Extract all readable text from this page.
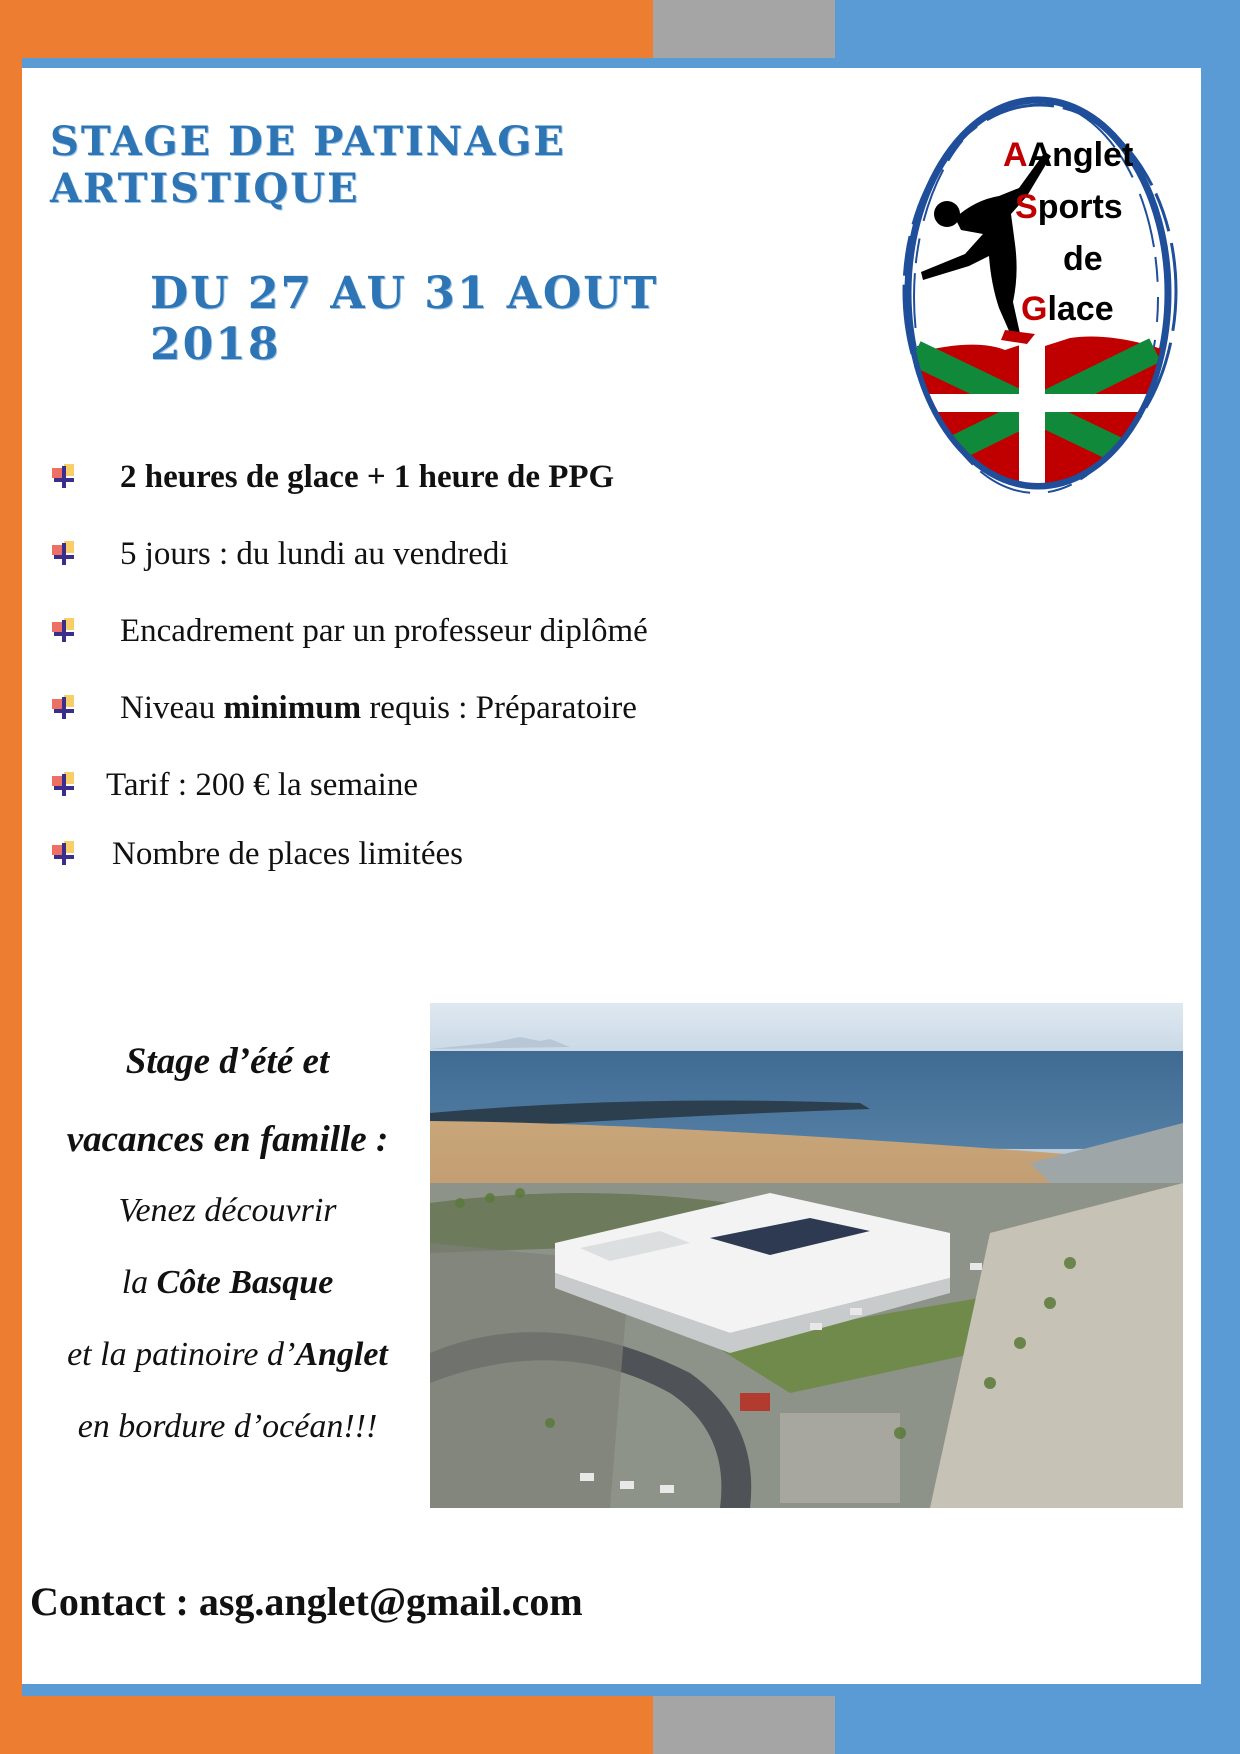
STAGE DE PATINAGE ARTISTIQUE
DU 27 AU 31 AOUT 2018
AAnglet
Sports
de
Glace
2 heures de glace + 1 heure de PPG
5 jours : du lundi au vendredi
Encadrement par un professeur diplômé
Niveau minimum requis : Préparatoire
Tarif : 200 € la semaine
Nombre de places limitées
Stage d’été et
vacances en famille :
Venez découvrir
la Côte Basque
et la patinoire d’Anglet
en bordure d’océan!!!
Contact : asg.anglet@gmail.com
